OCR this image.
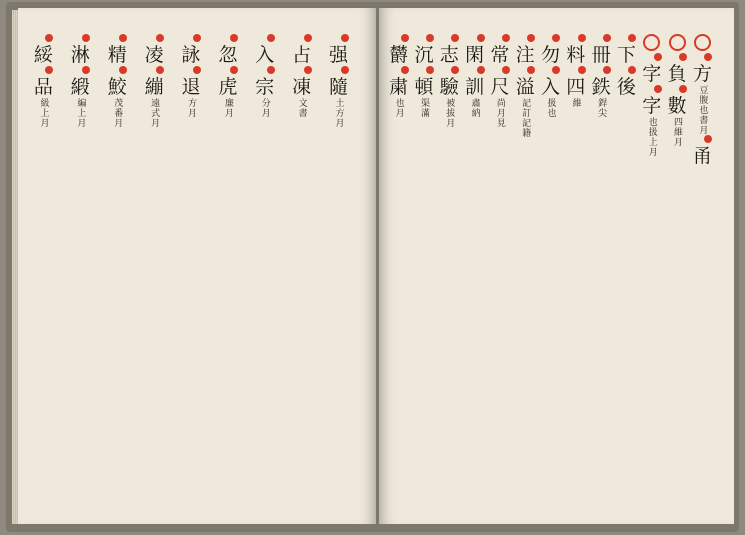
强
隨
土方月
占
凍
文書
入
宗
分月
忽
虎
廉月
詠
退
方月
凌
繃
遠式月
精
鮫
茂番月
淋
緞
編上月
綏
品
級上月
方
豆腹也書月
甬
負
數
四維月
字
字
也扱上月
下
後
冊
鉄
銲尖
料
四
維
勿
入
扱也
注
溢
記訂記籍
常
尺
尚月見
閑
訓
肅納
志
驗
被拔月
沉
頓
渠滿
欝
粛
也月
